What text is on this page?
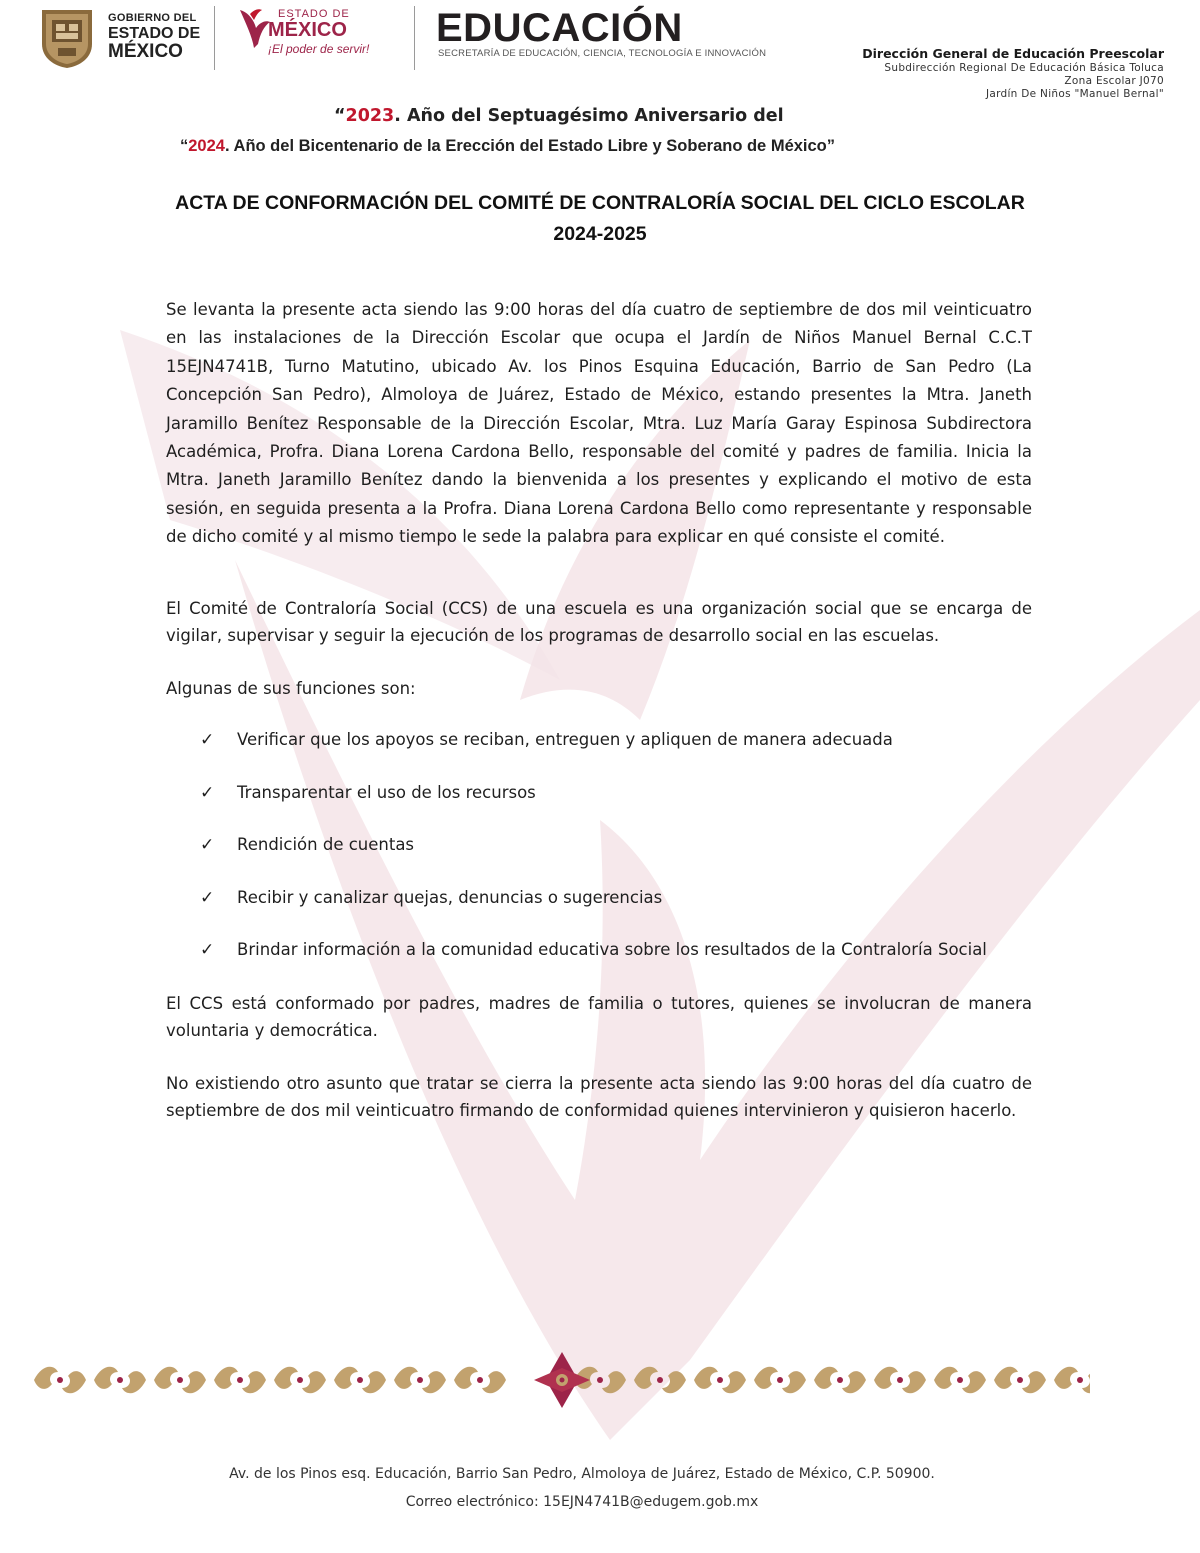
GOBIERNO DEL
ESTADO DE
MÉXICO
ESTADO DE
MÉXICO
¡El poder de servir! EDUCACIÓN
SECRETARÍA DE EDUCACIÓN, CIENCIA, TECNOLOGÍA E INNOVACIÓN	Dirección General de Educación Preescolar
Subdirección Regional De Educación Básica Toluca
Zona Escolar J070
Jardín De Niños "Manuel Bernal"
“2023. Año del Septuagésimo Aniversario del
“2024. Año del Bicentenario de la Erección del Estado Libre y Soberano de México”
ACTA DE CONFORMACIÓN DEL COMITÉ DE CONTRALORÍA SOCIAL DEL CICLO ESCOLAR
2024-2025
Se levanta la presente acta siendo las 9:00 horas del día cuatro de septiembre de dos mil veinticuatro en las instalaciones de la Dirección Escolar que ocupa el Jardín de Niños Manuel Bernal C.C.T 15EJN4741B, Turno Matutino, ubicado Av. los Pinos Esquina Educación, Barrio de San Pedro (La Concepción San Pedro), Almoloya de Juárez, Estado de México, estando presentes la Mtra. Janeth Jaramillo Benítez Responsable de la Dirección Escolar, Mtra. Luz María Garay Espinosa Subdirectora Académica, Profra. Diana Lorena Cardona Bello, responsable del comité y padres de familia. Inicia la Mtra. Janeth Jaramillo Benítez dando la bienvenida a los presentes y explicando el motivo de esta sesión, en seguida presenta a la Profra. Diana Lorena Cardona Bello como representante y responsable de dicho comité y al mismo tiempo le sede la palabra para explicar en qué consiste el comité.
El Comité de Contraloría Social (CCS) de una escuela es una organización social que se encarga de vigilar, supervisar y seguir la ejecución de los programas de desarrollo social en las escuelas.
Algunas de sus funciones son:
✓ Verificar que los apoyos se reciban, entreguen y apliquen de manera adecuada
✓ Transparentar el uso de los recursos
✓ Rendición de cuentas
✓ Recibir y canalizar quejas, denuncias o sugerencias
✓ Brindar información a la comunidad educativa sobre los resultados de la Contraloría Social
El CCS está conformado por padres, madres de familia o tutores, quienes se involucran de manera voluntaria y democrática.
No existiendo otro asunto que tratar se cierra la presente acta siendo las 9:00 horas del día cuatro de septiembre de dos mil veinticuatro firmando de conformidad quienes intervinieron y quisieron hacerlo.
Av. de los Pinos esq. Educación, Barrio San Pedro, Almoloya de Juárez, Estado de México, C.P. 50900.
Correo electrónico: 15EJN4741B@edugem.gob.mx
